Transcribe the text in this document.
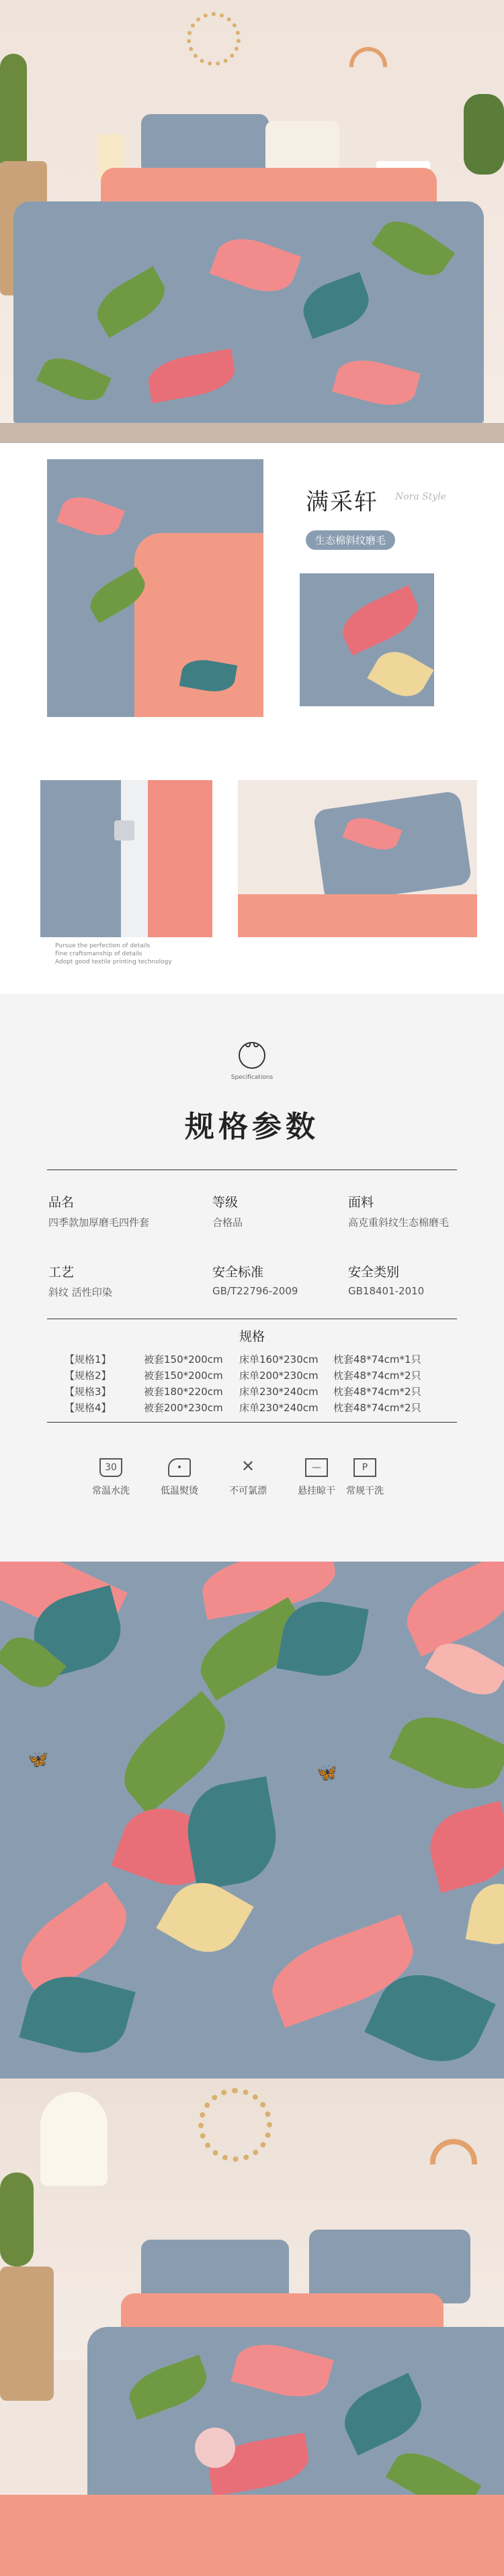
满采轩 Nora Style
生态棉斜纹磨毛
Pursue the perfection of details
Fine craftsmanship of details
Adopt good textile printing technology
Specifications
规格参数
品名
四季款加厚磨毛四件套
等级
合格品
面料
高克重斜纹生态棉磨毛
工艺
斜纹 活性印染
安全标准
GB/T22796-2009
安全类别
GB18401-2010
规格
【规格1】	被套150*200cm 床单160*230cm 枕套48*74cm*1只
【规格2】	被套150*200cm 床单200*230cm 枕套48*74cm*2只
【规格3】	被套180*220cm 床单230*240cm 枕套48*74cm*2只
【规格4】	被套200*230cm 床单230*240cm 枕套48*74cm*2只
30
常温水洗
•
低温熨烫
✕
不可氯漂
—
悬挂晾干
P
常规干洗
🦋
🦋
